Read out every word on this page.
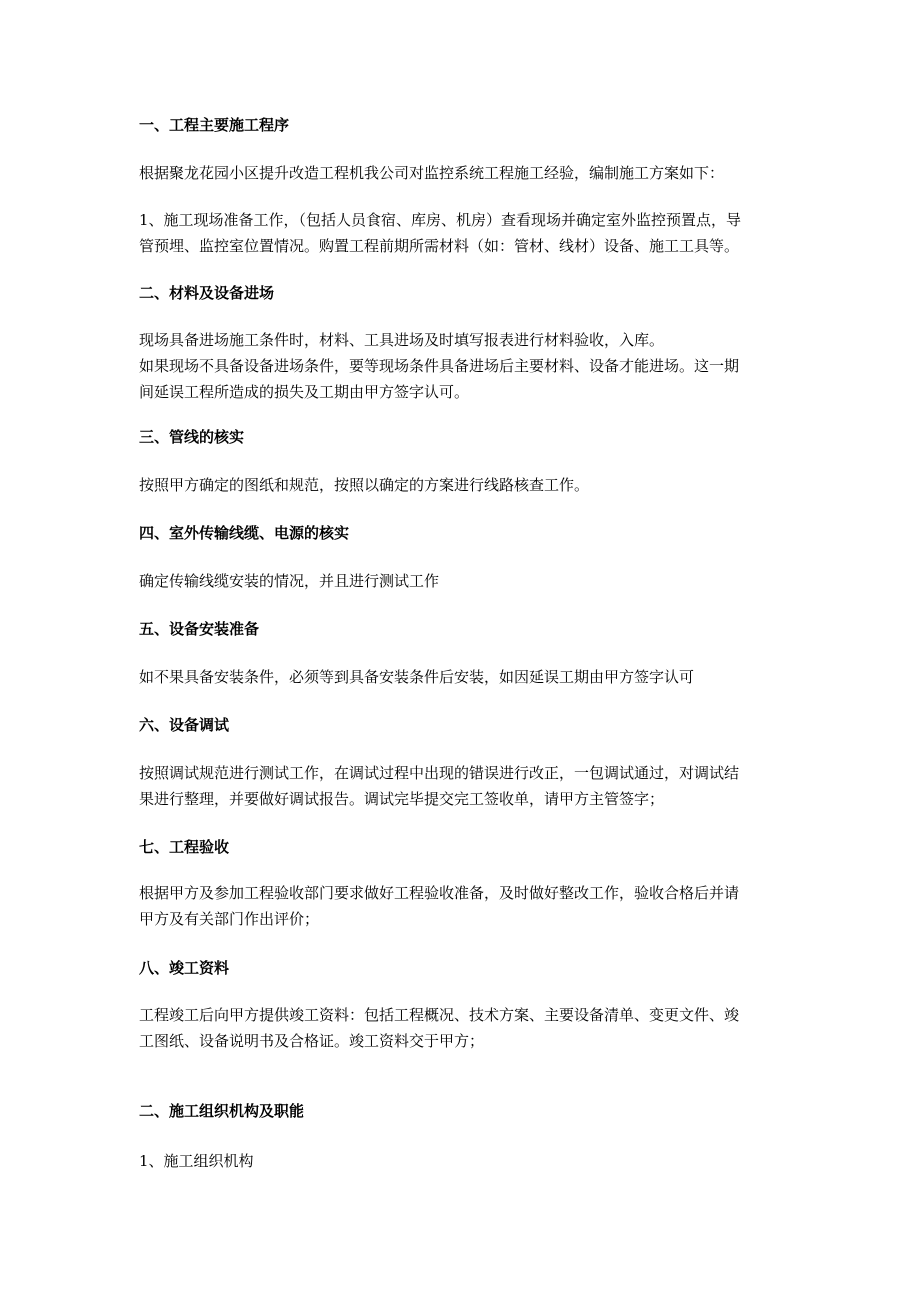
一、工程主要施工程序
根据聚龙花园小区提升改造工程机我公司对监控系统工程施工经验，编制施工方案如下：
1、施工现场准备工作，（包括人员食宿、库房、机房）查看现场并确定室外监控预置点，导
管预埋、监控室位置情况。购置工程前期所需材料（如：管材、线材）设备、施工工具等。
二、材料及设备进场
现场具备进场施工条件时，材料、工具进场及时填写报表进行材料验收，入库。
如果现场不具备设备进场条件，要等现场条件具备进场后主要材料、设备才能进场。这一期
间延误工程所造成的损失及工期由甲方签字认可。
三、管线的核实
按照甲方确定的图纸和规范，按照以确定的方案进行线路核查工作。
四、室外传输线缆、电源的核实
确定传输线缆安装的情况，并且进行测试工作
五、设备安装准备
如不果具备安装条件，必须等到具备安装条件后安装，如因延误工期由甲方签字认可
六、设备调试
按照调试规范进行测试工作，在调试过程中出现的错误进行改正，一包调试通过，对调试结
果进行整理，并要做好调试报告。调试完毕提交完工签收单，请甲方主管签字；
七、工程验收
根据甲方及参加工程验收部门要求做好工程验收准备，及时做好整改工作，验收合格后并请
甲方及有关部门作出评价；
八、竣工资料
工程竣工后向甲方提供竣工资料：包括工程概况、技术方案、主要设备清单、变更文件、竣
工图纸、设备说明书及合格证。竣工资料交于甲方；
二、施工组织机构及职能
1、施工组织机构
